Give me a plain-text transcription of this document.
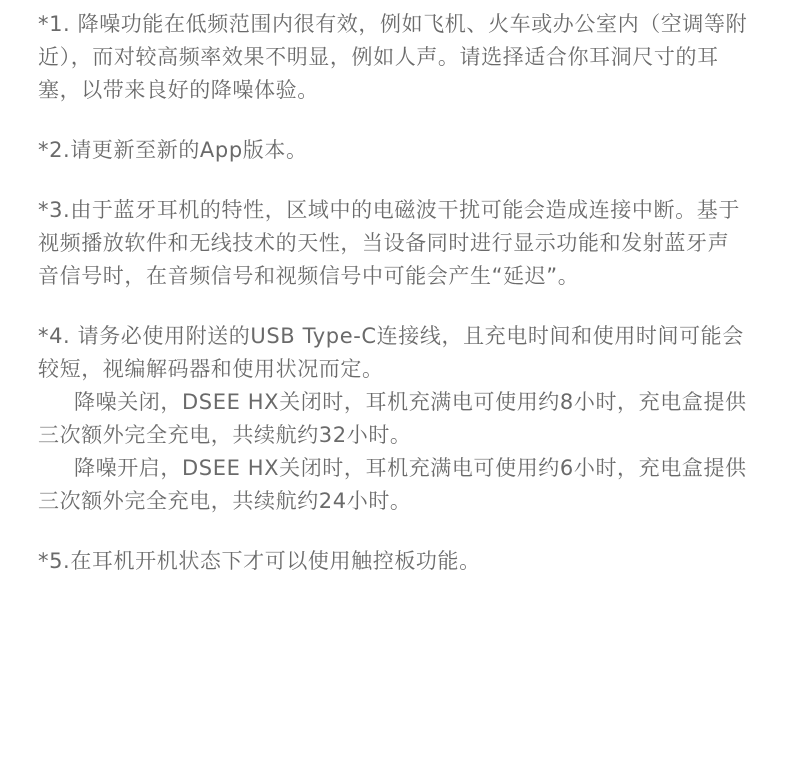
*1. 降噪功能在低频范围内很有效，例如飞机、火车或办公室内（空调等附近），而对较高频率效果不明显，例如人声。请选择适合你耳洞尺寸的耳塞，以带来良好的降噪体验。

*2.请更新至新的App版本。

*3.由于蓝牙耳机的特性，区域中的电磁波干扰可能会造成连接中断。基于视频播放软件和无线技术的天性，当设备同时进行显示功能和发射蓝牙声音信号时，在音频信号和视频信号中可能会产生“延迟”。

*4. 请务必使用附送的USB Type-C连接线，且充电时间和使用时间可能会较短，视编解码器和使用状况而定。

降噪关闭，DSEE HX关闭时，耳机充满电可使用约8小时，充电盒提供三次额外完全充电，共续航约32小时。

降噪开启，DSEE HX关闭时，耳机充满电可使用约6小时，充电盒提供三次额外完全充电，共续航约24小时。

*5.在耳机开机状态下才可以使用触控板功能。
